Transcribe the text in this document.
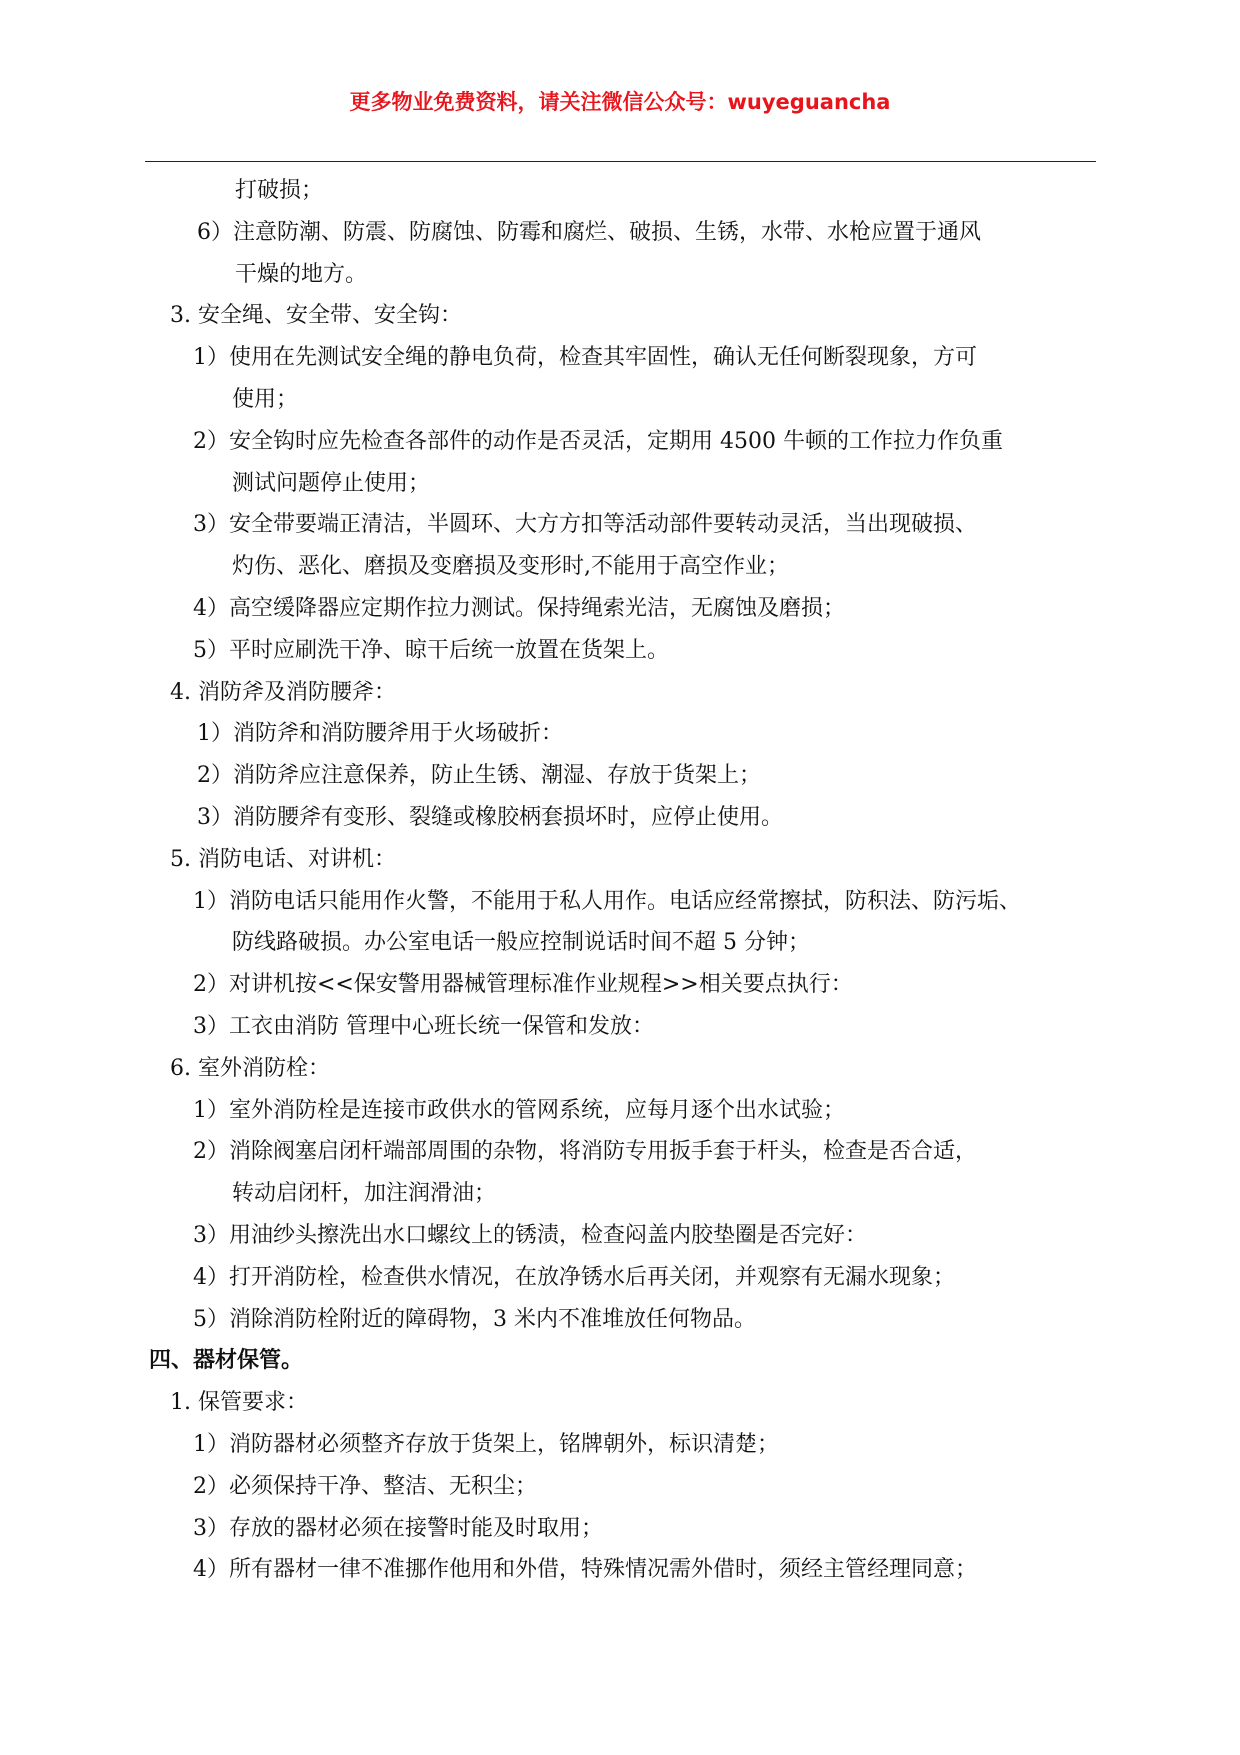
更多物业免费资料，请关注微信公众号：wuyeguancha
打破损；
6）注意防潮、防震、防腐蚀、防霉和腐烂、破损、生锈，水带、水枪应置于通风
干燥的地方。
3. 安全绳、安全带、安全钩：
1）使用在先测试安全绳的静电负荷，检查其牢固性，确认无任何断裂现象，方可
使用；
2）安全钩时应先检查各部件的动作是否灵活，定期用 4500 牛顿的工作拉力作负重
测试问题停止使用；
3）安全带要端正清洁，半圆环、大方方扣等活动部件要转动灵活，当出现破损、
灼伤、恶化、磨损及变磨损及变形时,不能用于高空作业；
4）高空缓降器应定期作拉力测试。保持绳索光洁，无腐蚀及磨损；
5）平时应刷洗干净、晾干后统一放置在货架上。
4. 消防斧及消防腰斧：
1）消防斧和消防腰斧用于火场破折：
2）消防斧应注意保养，防止生锈、潮湿、存放于货架上；
3）消防腰斧有变形、裂缝或橡胶柄套损坏时，应停止使用。
5. 消防电话、对讲机：
1）消防电话只能用作火警，不能用于私人用作。电话应经常擦拭，防积法、防污垢、
防线路破损。办公室电话一般应控制说话时间不超 5 分钟；
2）对讲机按<<保安警用器械管理标准作业规程>>相关要点执行：
3）工衣由消防 管理中心班长统一保管和发放：
6. 室外消防栓：
1）室外消防栓是连接市政供水的管网系统，应每月逐个出水试验；
2）消除阀塞启闭杆端部周围的杂物，将消防专用扳手套于杆头，检查是否合适，
转动启闭杆，加注润滑油；
3）用油纱头擦洗出水口螺纹上的锈渍，检查闷盖内胶垫圈是否完好：
4）打开消防栓，检查供水情况，在放净锈水后再关闭，并观察有无漏水现象；
5）消除消防栓附近的障碍物，3 米内不准堆放任何物品。
四、器材保管。
1. 保管要求：
1）消防器材必须整齐存放于货架上，铭牌朝外，标识清楚；
2）必须保持干净、整洁、无积尘；
3）存放的器材必须在接警时能及时取用；
4）所有器材一律不准挪作他用和外借，特殊情况需外借时，须经主管经理同意；
